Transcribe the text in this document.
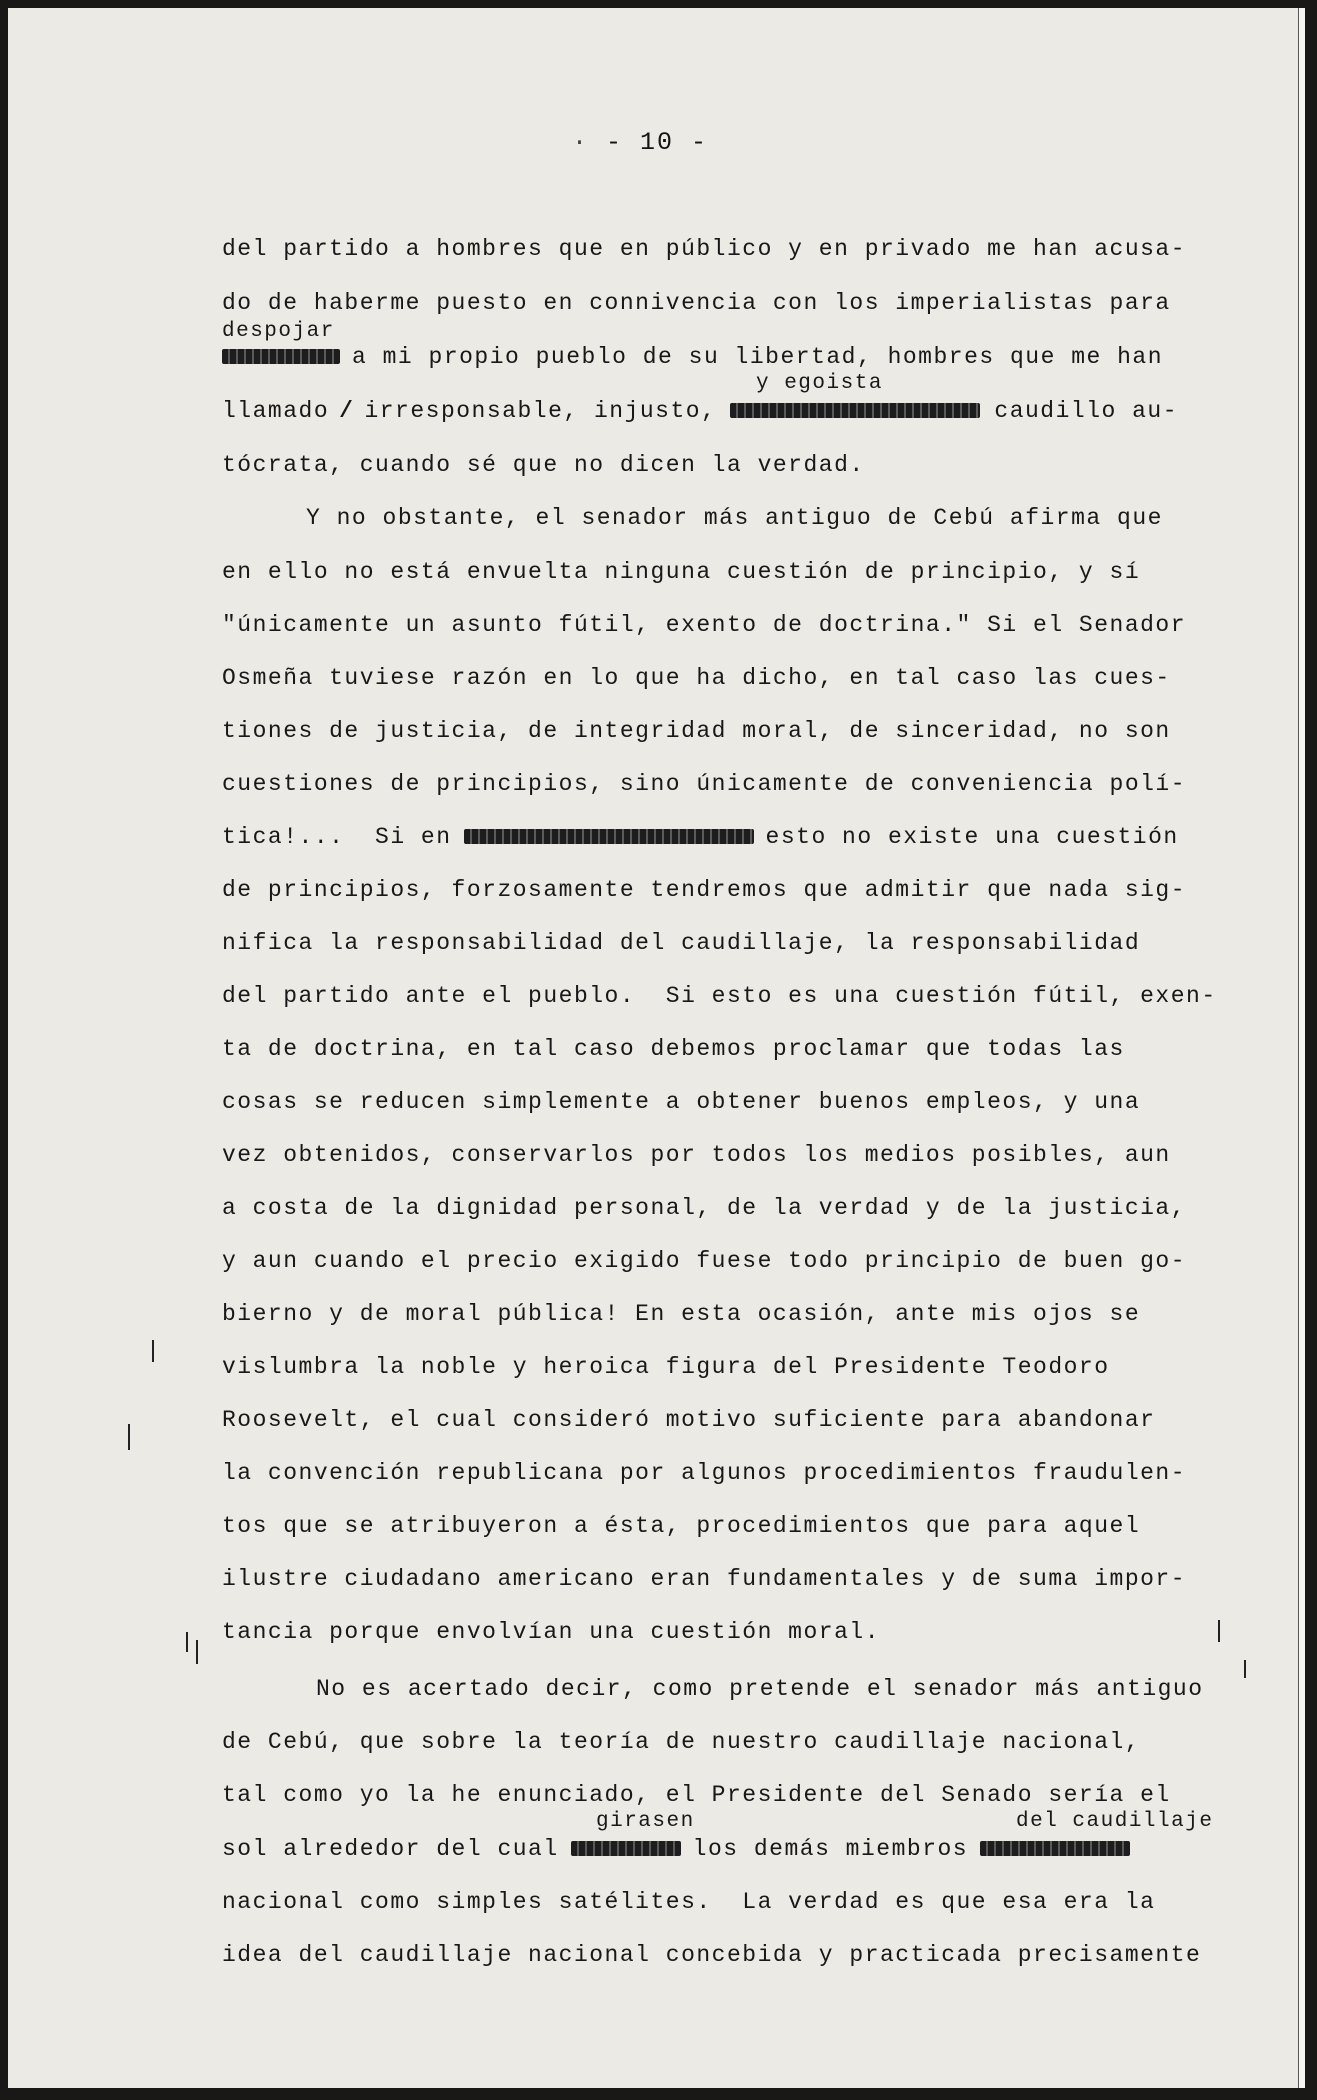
· - 10 -
del partido a hombres que en público y en privado me han acusa-
do de haberme puesto en connivencia con los imperialistas para
despojar
a mi propio pueblo de su libertad, hombres que me han
y egoista
llamado / irresponsable, injusto,	caudillo au-
tócrata, cuando sé que no dicen la verdad.
Y no obstante, el senador más antiguo de Cebú afirma que
en ello no está envuelta ninguna cuestión de principio, y sí
"únicamente un asunto fútil, exento de doctrina." Si el Senador
Osmeña tuviese razón en lo que ha dicho, en tal caso las cues-
tiones de justicia, de integridad moral, de sinceridad, no son
cuestiones de principios, sino únicamente de conveniencia polí-
tica!...  Si en	esto no existe una cuestión
de principios, forzosamente tendremos que admitir que nada sig-
nifica la responsabilidad del caudillaje, la responsabilidad
del partido ante el pueblo.  Si esto es una cuestión fútil, exen-
ta de doctrina, en tal caso debemos proclamar que todas las
cosas se reducen simplemente a obtener buenos empleos, y una
vez obtenidos, conservarlos por todos los medios posibles, aun
a costa de la dignidad personal, de la verdad y de la justicia,
y aun cuando el precio exigido fuese todo principio de buen go-
bierno y de moral pública! En esta ocasión, ante mis ojos se
vislumbra la noble y heroica figura del Presidente Teodoro
Roosevelt, el cual consideró motivo suficiente para abandonar
la convención republicana por algunos procedimientos fraudulen-
tos que se atribuyeron a ésta, procedimientos que para aquel
ilustre ciudadano americano eran fundamentales y de suma impor-
tancia porque envolvían una cuestión moral.
No es acertado decir, como pretende el senador más antiguo
de Cebú, que sobre la teoría de nuestro caudillaje nacional,
tal como yo la he enunciado, el Presidente del Senado sería el
girasen	del caudillaje
sol alrededor del cual	los demás miembros
nacional como simples satélites.  La verdad es que esa era la
idea del caudillaje nacional concebida y practicada precisamente
